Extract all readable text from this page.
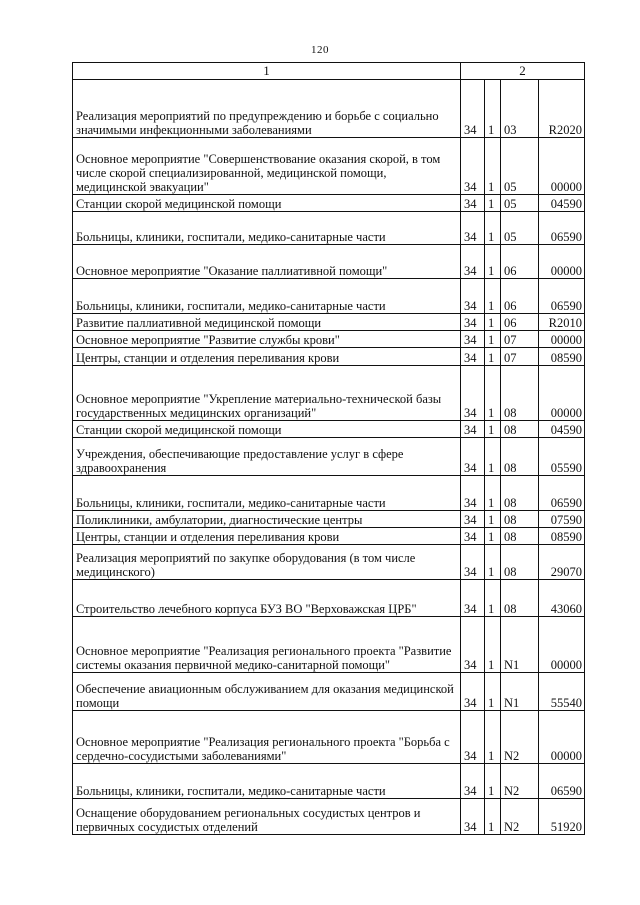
120
1	2			
Реализация мероприятий по предупреждению и борьбе с социально значимыми инфекционными заболеваниями	34	1	03	R2020
Основное мероприятие "Совершенствование оказания скорой, в том числе скорой специализированной, медицинской помощи, медицинской эвакуации"	34	1	05	00000
Станции скорой медицинской помощи	34	1	05	04590
Больницы, клиники, госпитали, медико-санитарные части	34	1	05	06590
Основное мероприятие "Оказание паллиативной помощи"	34	1	06	00000
Больницы, клиники, госпитали, медико-санитарные части	34	1	06	06590
Развитие паллиативной медицинской помощи	34	1	06	R2010
Основное мероприятие "Развитие службы крови"	34	1	07	00000
Центры, станции и отделения переливания крови	34	1	07	08590
Основное мероприятие "Укрепление материально-технической базы государственных медицинских организаций"	34	1	08	00000
Станции скорой медицинской помощи	34	1	08	04590
Учреждения, обеспечивающие предоставление услуг в сфере здравоохранения	34	1	08	05590
Больницы, клиники, госпитали, медико-санитарные части	34	1	08	06590
Поликлиники, амбулатории, диагностические центры	34	1	08	07590
Центры, станции и отделения переливания крови	34	1	08	08590
Реализация мероприятий по закупке оборудования (в том числе медицинского)	34	1	08	29070
Строительство лечебного корпуса БУЗ ВО "Верховажская ЦРБ"	34	1	08	43060
Основное мероприятие "Реализация регионального проекта "Развитие системы оказания первичной медико-санитарной помощи"	34	1	N1	00000
Обеспечение авиационным обслуживанием для оказания медицинской помощи	34	1	N1	55540
Основное мероприятие "Реализация регионального проекта "Борьба с сердечно-сосудистыми заболеваниями"	34	1	N2	00000
Больницы, клиники, госпитали, медико-санитарные части	34	1	N2	06590
Оснащение оборудованием региональных сосудистых центров и первичных сосудистых отделений	34	1	N2	51920
